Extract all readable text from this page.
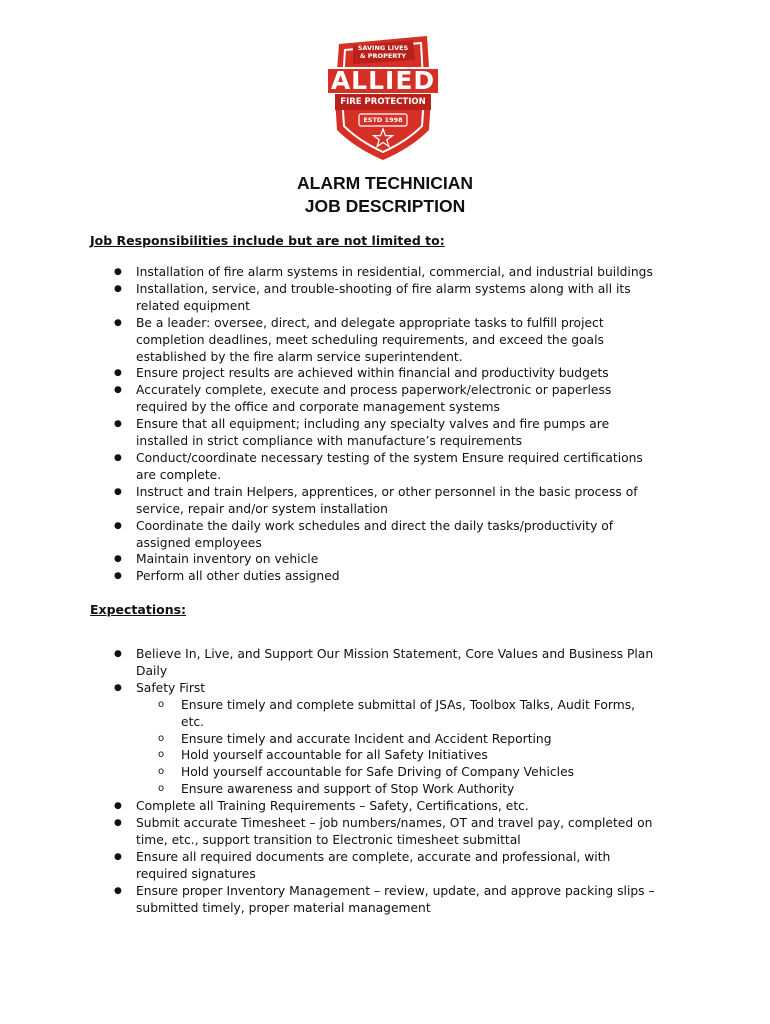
SAVING LIVES & PROPERTY
ALLIED
FIRE PROTECTION
ESTD 1998
ALARM TECHNICIAN
JOB DESCRIPTION
Job Responsibilities include but are not limited to:
● Installation of fire alarm systems in residential, commercial, and industrial buildings
● Installation, service, and trouble-shooting of fire alarm systems along with all its
related equipment
● Be a leader: oversee, direct, and delegate appropriate tasks to fulfill project
completion deadlines, meet scheduling requirements, and exceed the goals
established by the fire alarm service superintendent.
● Ensure project results are achieved within financial and productivity budgets
● Accurately complete, execute and process paperwork/electronic or paperless
required by the office and corporate management systems
● Ensure that all equipment; including any specialty valves and fire pumps are
installed in strict compliance with manufacture’s requirements
● Conduct/coordinate necessary testing of the system Ensure required certifications
are complete.
● Instruct and train Helpers, apprentices, or other personnel in the basic process of
service, repair and/or system installation
● Coordinate the daily work schedules and direct the daily tasks/productivity of
assigned employees
● Maintain inventory on vehicle
● Perform all other duties assigned
Expectations:
● Believe In, Live, and Support Our Mission Statement, Core Values and Business Plan
Daily
● Safety First
o Ensure timely and complete submittal of JSAs, Toolbox Talks, Audit Forms,
etc.
o Ensure timely and accurate Incident and Accident Reporting
o Hold yourself accountable for all Safety Initiatives
o Hold yourself accountable for Safe Driving of Company Vehicles
o Ensure awareness and support of Stop Work Authority
● Complete all Training Requirements – Safety, Certifications, etc.
● Submit accurate Timesheet – job numbers/names, OT and travel pay, completed on
time, etc., support transition to Electronic timesheet submittal
● Ensure all required documents are complete, accurate and professional, with
required signatures
● Ensure proper Inventory Management – review, update, and approve packing slips –
submitted timely, proper material management
